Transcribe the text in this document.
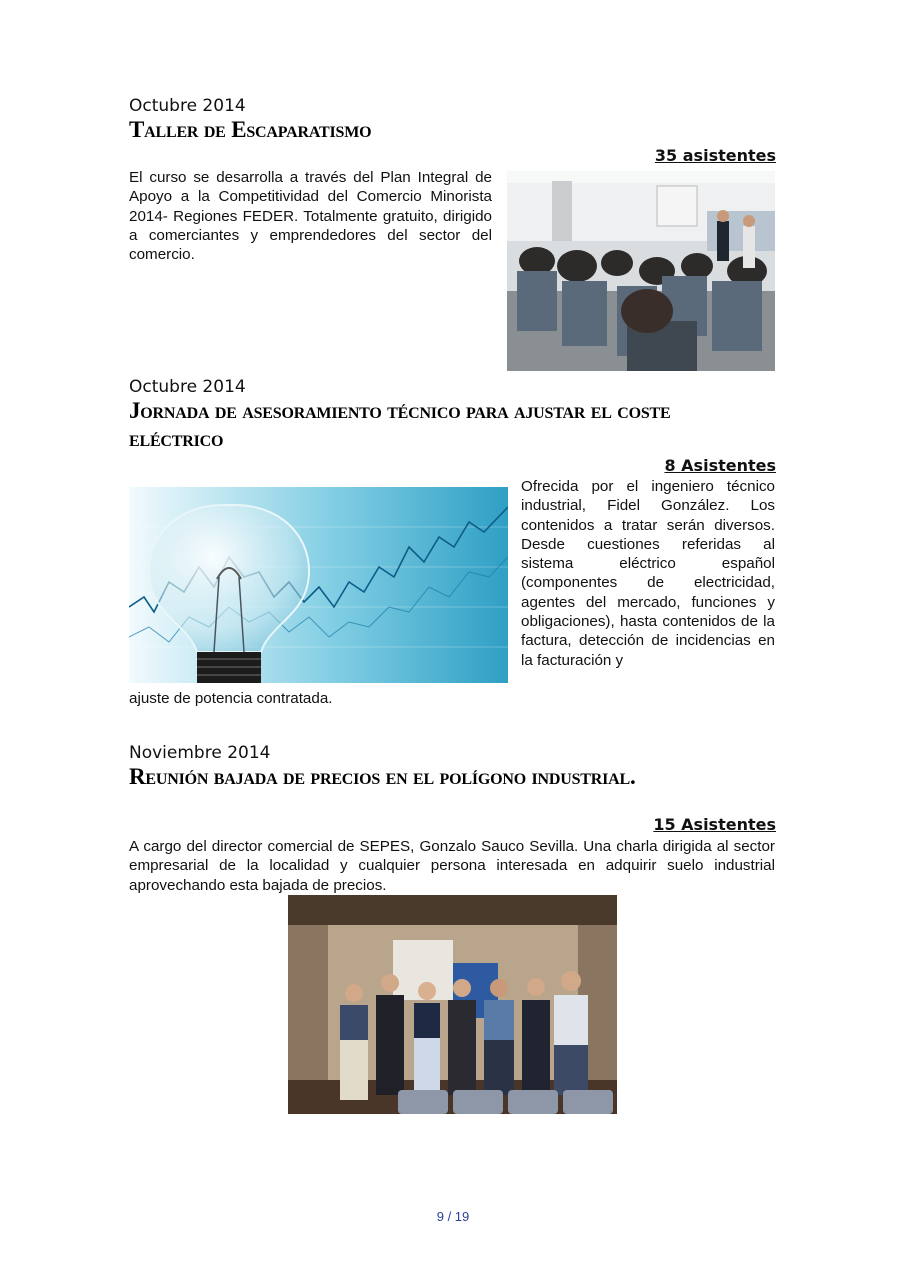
Octubre 2014
Taller de Escaparatismo
35 asistentes
El curso se desarrolla a través del Plan Integral de Apoyo a la Competitividad del Comercio Minorista 2014- Regiones FEDER. Totalmente gratuito, dirigido a comerciantes y emprendedores del sector del comercio.
Octubre 2014
Jornada de asesoramiento técnico para ajustar el coste
eléctrico
8 Asistentes
Ofrecida por el ingeniero técnico industrial, Fidel González. Los contenidos a tratar serán diversos. Desde cuestiones referidas al sistema eléctrico español (componentes de electricidad, agentes del mercado, funciones y obligaciones), hasta contenidos de la factura, detección de incidencias en la facturación y
ajuste de potencia contratada.
Noviembre 2014
Reunión bajada de precios en el polígono industrial.
15 Asistentes
A cargo del director comercial de SEPES, Gonzalo Sauco Sevilla. Una charla dirigida al sector empresarial de la localidad y cualquier persona interesada en adquirir suelo industrial aprovechando esta bajada de precios.
9 / 19
